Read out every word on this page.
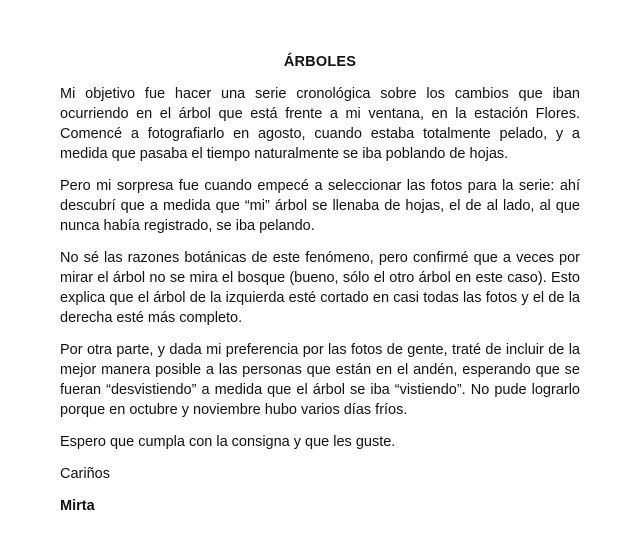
ÁRBOLES

Mi objetivo fue hacer una serie cronológica sobre los cambios que iban ocurriendo en el árbol que está frente a mi ventana, en la estación Flores. Comencé a fotografiarlo en agosto, cuando estaba totalmente pelado, y a medida que pasaba el tiempo naturalmente se iba poblando de hojas.

Pero mi sorpresa fue cuando empecé a seleccionar las fotos para la serie: ahí descubrí que a medida que “mi” árbol se llenaba de hojas, el de al lado, al que nunca había registrado, se iba pelando.

No sé las razones botánicas de este fenómeno, pero confirmé que a veces por mirar el árbol no se mira el bosque (bueno, sólo el otro árbol en este caso). Esto explica que el árbol de la izquierda esté cortado en casi todas las fotos y el de la derecha esté más completo.

Por otra parte, y dada mi preferencia por las fotos de gente, traté de incluir de la mejor manera posible a las personas que están en el andén, esperando que se fueran “desvistiendo” a medida que el árbol se iba “vistiendo”. No pude lograrlo porque en octubre y noviembre hubo varios días fríos.

Espero que cumpla con la consigna y que les guste.

Cariños

Mirta
